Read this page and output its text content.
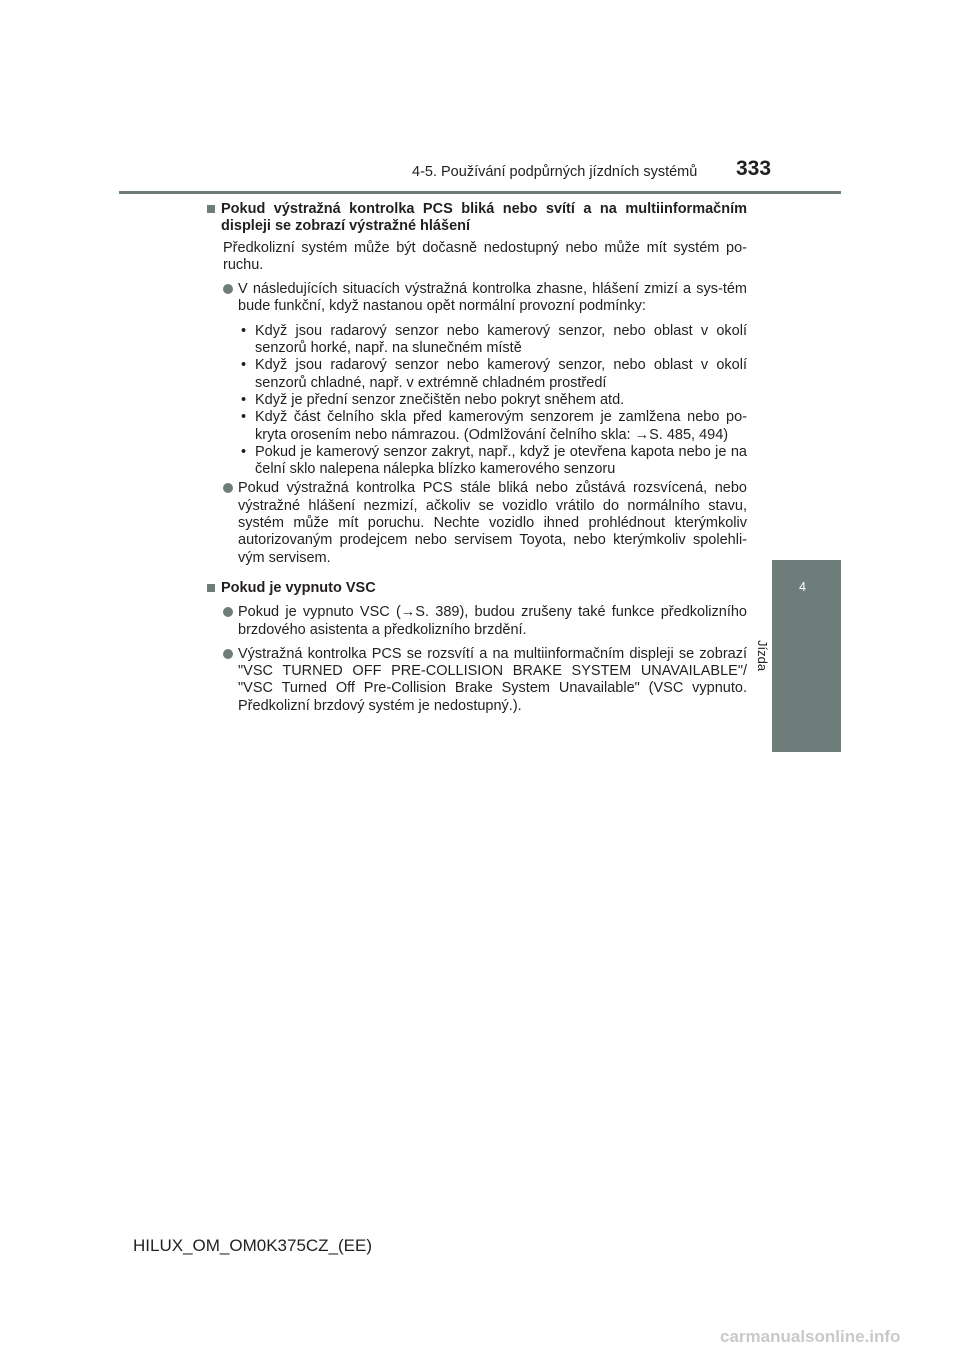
4-5. Používání podpůrných jízdních systémů 333
4
Jízda
Pokud výstražná kontrolka PCS bliká nebo svítí a na multiinformačním displeji se zobrazí výstražné hlášení
Předkolizní systém může být dočasně nedostupný nebo může mít systém po-ruchu.
V následujících situacích výstražná kontrolka zhasne, hlášení zmizí a sys-tém bude funkční, když nastanou opět normální provozní podmínky:
• Když jsou radarový senzor nebo kamerový senzor, nebo oblast v okolí senzorů horké, např. na slunečném místě
• Když jsou radarový senzor nebo kamerový senzor, nebo oblast v okolí senzorů chladné, např. v extrémně chladném prostředí
• Když je přední senzor znečištěn nebo pokryt sněhem atd.
• Když část čelního skla před kamerovým senzorem je zamlžena nebo po-kryta orosením nebo námrazou. (Odmlžování čelního skla: →S. 485, 494)
• Pokud je kamerový senzor zakryt, např., když je otevřena kapota nebo je na čelní sklo nalepena nálepka blízko kamerového senzoru
Pokud výstražná kontrolka PCS stále bliká nebo zůstává rozsvícená, nebo výstražné hlášení nezmizí, ačkoliv se vozidlo vrátilo do normálního stavu, systém může mít poruchu. Nechte vozidlo ihned prohlédnout kterýmkoliv autorizovaným prodejcem nebo servisem Toyota, nebo kterýmkoliv spolehli-vým servisem.
Pokud je vypnuto VSC
Pokud je vypnuto VSC (→S. 389), budou zrušeny také funkce předkolizního brzdového asistenta a předkolizního brzdění.
Výstražná kontrolka PCS se rozsvítí a na multiinformačním displeji se zobrazí "VSC TURNED OFF PRE-COLLISION BRAKE SYSTEM UNAVAILABLE"/ "VSC Turned Off Pre-Collision Brake System Unavailable" (VSC vypnuto. Předkolizní brzdový systém je nedostupný.).
HILUX_OM_OM0K375CZ_(EE)
carmanualsonline.info
